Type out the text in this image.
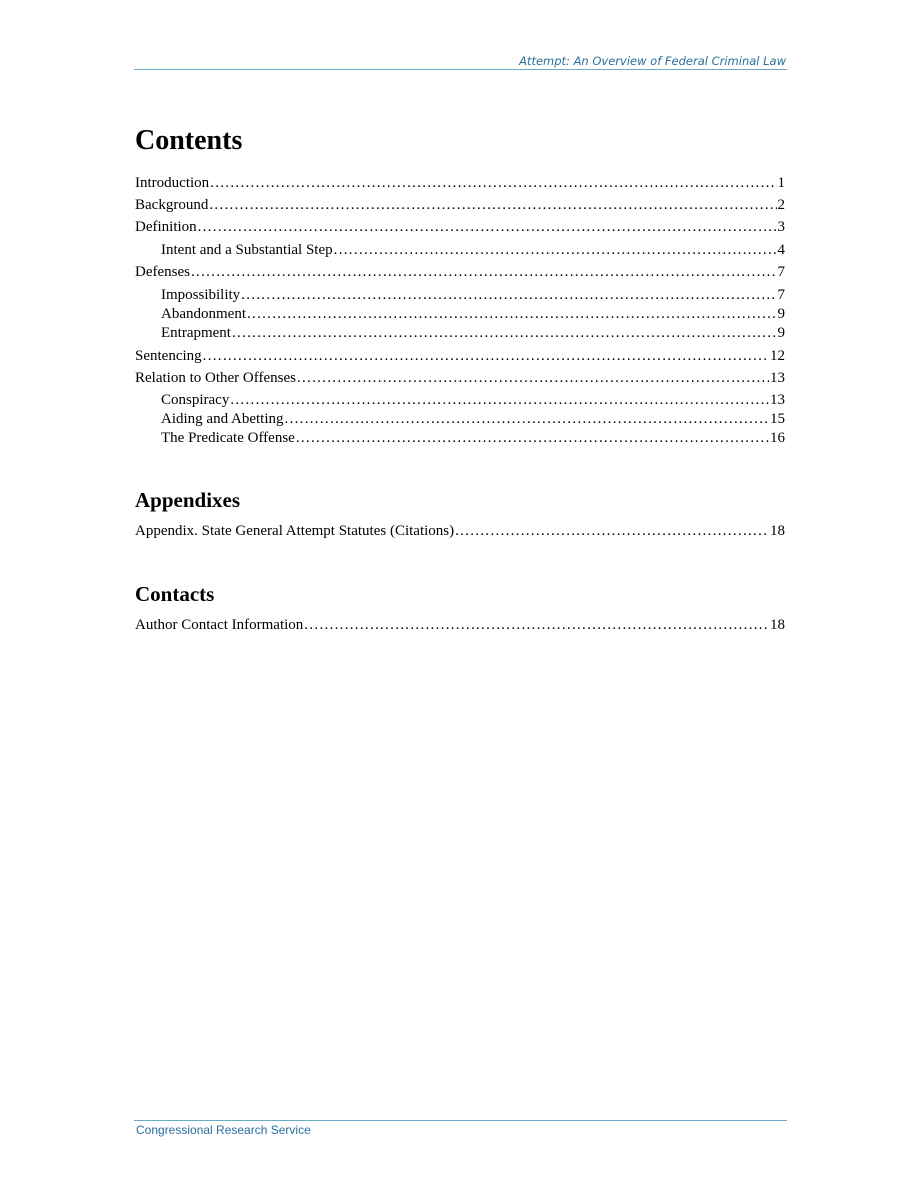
Attempt: An Overview of Federal Criminal Law
Contents
Introduction .....	1
Background .....	2
Definition .....	3
Intent and a Substantial Step .....	4
Defenses .....	7
Impossibility .....	7
Abandonment .....	9
Entrapment .....	9
Sentencing .....	12
Relation to Other Offenses .....	13
Conspiracy .....	13
Aiding and Abetting .....	15
The Predicate Offense .....	16
Appendixes
Appendix. State General Attempt Statutes (Citations) .....	18
Contacts
Author Contact Information .....	18
Congressional Research Service
